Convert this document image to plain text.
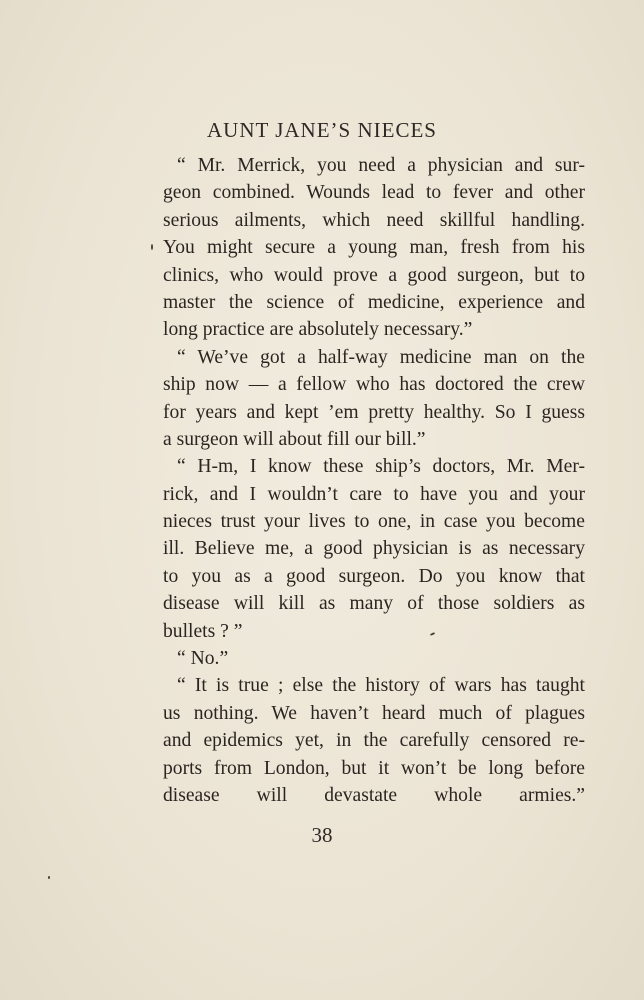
AUNT JANE’S NIECES
“ Mr. Merrick, you need a physician and sur-
geon combined. Wounds lead to fever and other
serious ailments, which need skillful handling.
You might secure a young man, fresh from his
clinics, who would prove a good surgeon, but to
master the science of medicine, experience and
long practice are absolutely necessary.”
“ We’ve got a half-way medicine man on the
ship now — a fellow who has doctored the crew
for years and kept ’em pretty healthy. So I guess
a surgeon will about fill our bill.”
“ H-m, I know these ship’s doctors, Mr. Mer-
rick, and I wouldn’t care to have you and your
nieces trust your lives to one, in case you become
ill. Believe me, a good physician is as necessary
to you as a good surgeon. Do you know that
disease will kill as many of those soldiers as
bullets ? ”
“ No.”
“ It is true ; else the history of wars has taught
us nothing. We haven’t heard much of plagues
and epidemics yet, in the carefully censored re-
ports from London, but it won’t be long before
disease will devastate whole armies.”
38
